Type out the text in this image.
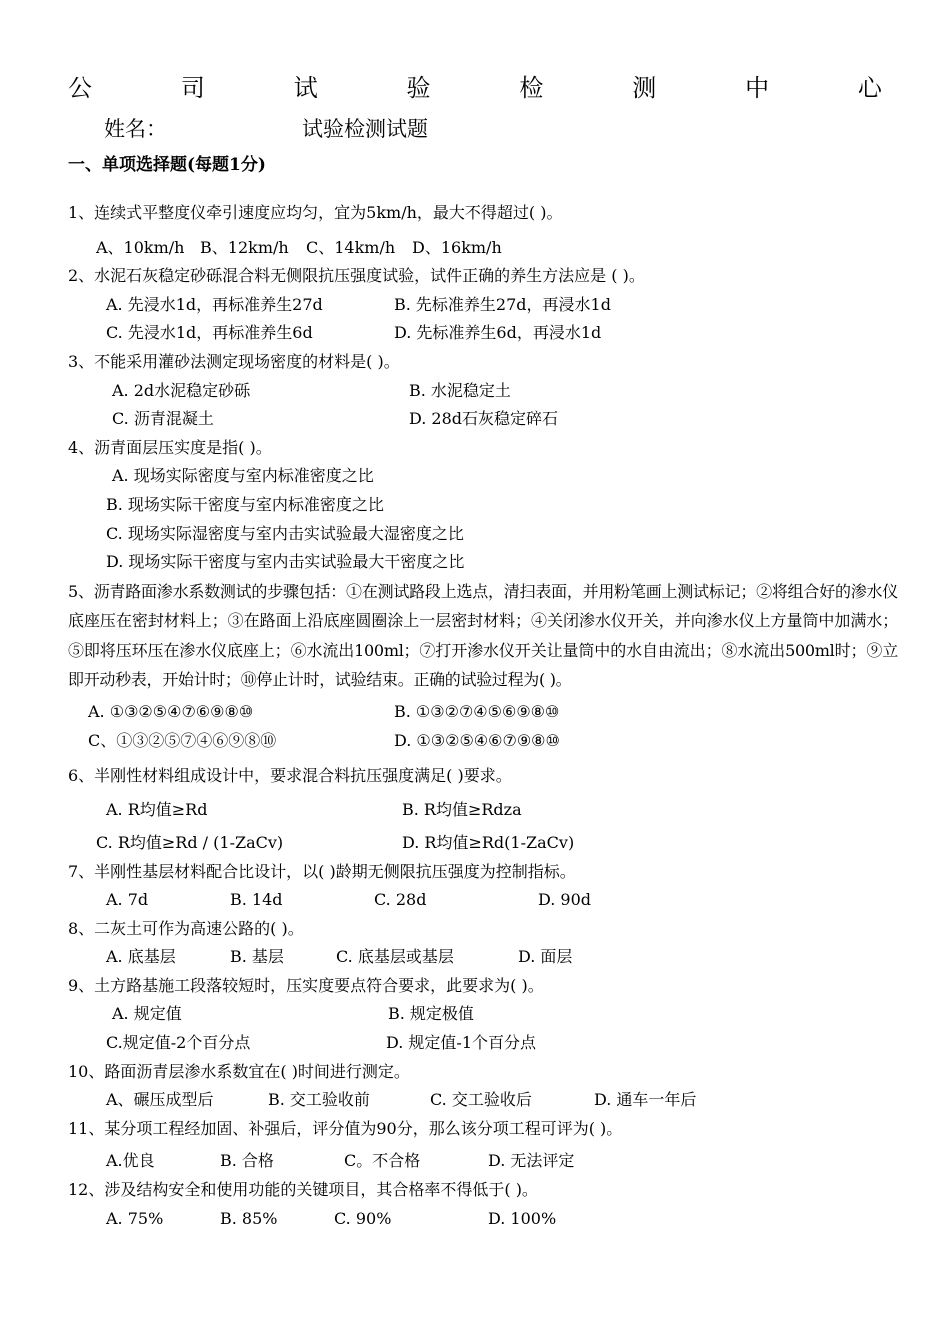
公	司	试	验	检	测	中	心
姓名：	试验检测试题
一、单项选择题(每题1分)
1、连续式平整度仪牵引速度应均匀，宜为5km/h，最大不得超过( )。
A、10km/h B、12km/h	C、14km/h	D、16km/h
2、水泥石灰稳定砂砾混合料无侧限抗压强度试验，试件正确的养生方法应是 ( )。
A. 先浸水1d，再标准养生27d	B. 先标准养生27d，再浸水1d
C. 先浸水1d，再标准养生6d	D. 先标准养生6d，再浸水1d
3、不能采用灌砂法测定现场密度的材料是( )。
A. 2d水泥稳定砂砾	B. 水泥稳定土
C. 沥青混凝土	D. 28d石灰稳定碎石
4、沥青面层压实度是指( )。
A. 现场实际密度与室内标准密度之比
B. 现场实际干密度与室内标准密度之比
C. 现场实际湿密度与室内击实试验最大湿密度之比
D. 现场实际干密度与室内击实试验最大干密度之比
5、沥青路面渗水系数测试的步骤包括：①在测试路段上选点，清扫表面，并用粉笔画上测试标记；②将组合好的渗水仪底座压在密封材料上；③在路面上沿底座圆圈涂上一层密封材料；④关闭渗水仪开关，并向渗水仪上方量筒中加满水；⑤即将压环压在渗水仪底座上；⑥水流出100ml；⑦打开渗水仪开关让量筒中的水自由流出；⑧水流出500ml时；⑨立即开动秒表，开始计时；⑩停止计时，试验结束。正确的试验过程为( )。
A. ①③②⑤④⑦⑥⑨⑧⑩	B. ①③②⑦④⑤⑥⑨⑧⑩
C、①③②⑤⑦④⑥⑨⑧⑩	D. ①③②⑤④⑥⑦⑨⑧⑩
6、半刚性材料组成设计中，要求混合料抗压强度满足( )要求。
A. R均值≥Rd	B. R均值≥Rdza
C. R均值≥Rd / (1-ZaCv)	D. R均值≥Rd(1-ZaCv)
7、半刚性基层材料配合比设计，以( )龄期无侧限抗压强度为控制指标。
A. 7d	B. 14d	C. 28d	D. 90d
8、二灰土可作为高速公路的( )。
A. 底基层	B. 基层	C. 底基层或基层	D. 面层
9、土方路基施工段落较短时，压实度要点符合要求，此要求为( )。
A. 规定值	B. 规定极值
C.规定值-2个百分点	D. 规定值-1个百分点
10、路面沥青层渗水系数宜在( )时间进行测定。
A、碾压成型后	B. 交工验收前	C. 交工验收后	D. 通车一年后
11、某分项工程经加固、补强后，评分值为90分，那么该分项工程可评为( )。
A.优良	B. 合格	C。不合格	D. 无法评定
12、涉及结构安全和使用功能的关键项目，其合格率不得低于( )。
A. 75%	B. 85%	C. 90%	D. 100%
